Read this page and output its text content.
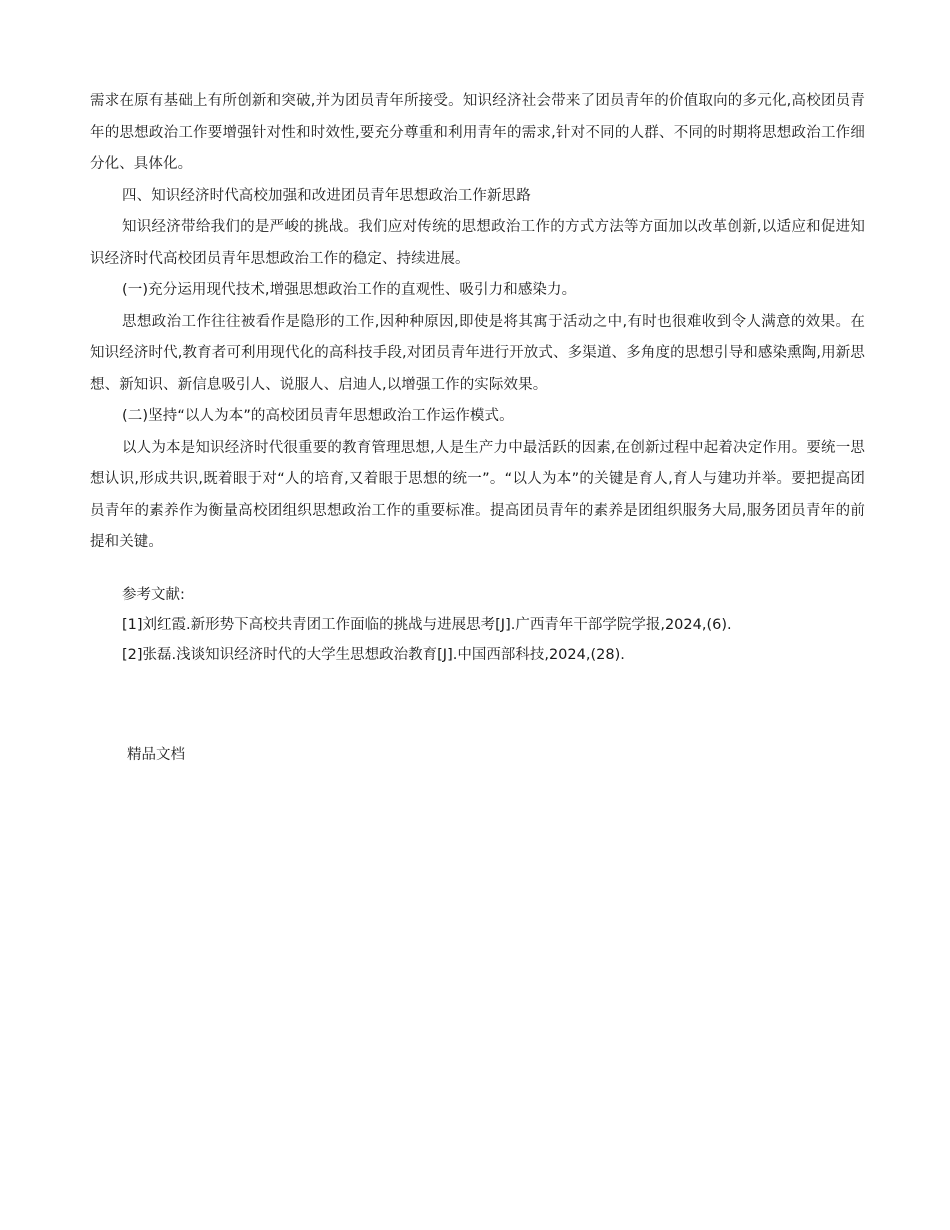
需求在原有基础上有所创新和突破,并为团员青年所接受。知识经济社会带来了团员青年的价值取向的多元化,高校团员青年的思想政治工作要增强针对性和时效性,要充分尊重和利用青年的需求,针对不同的人群、不同的时期将思想政治工作细分化、具体化。

四、知识经济时代高校加强和改进团员青年思想政治工作新思路

知识经济带给我们的是严峻的挑战。我们应对传统的思想政治工作的方式方法等方面加以改革创新,以适应和促进知识经济时代高校团员青年思想政治工作的稳定、持续进展。

(一)充分运用现代技术,增强思想政治工作的直观性、吸引力和感染力。

思想政治工作往往被看作是隐形的工作,因种种原因,即使是将其寓于活动之中,有时也很难收到令人满意的效果。在知识经济时代,教育者可利用现代化的高科技手段,对团员青年进行开放式、多渠道、多角度的思想引导和感染熏陶,用新思想、新知识、新信息吸引人、说服人、启迪人,以增强工作的实际效果。

(二)坚持“以人为本”的高校团员青年思想政治工作运作模式。

以人为本是知识经济时代很重要的教育管理思想,人是生产力中最活跃的因素,在创新过程中起着决定作用。要统一思想认识,形成共识,既着眼于对“人的培育,又着眼于思想的统一”。“以人为本”的关键是育人,育人与建功并举。要把提高团员青年的素养作为衡量高校团组织思想政治工作的重要标准。提高团员青年的素养是团组织服务大局,服务团员青年的前提和关键。

参考文献:

[1]刘红霞.新形势下高校共青团工作面临的挑战与进展思考[J].广西青年干部学院学报,2024,(6).

[2]张磊.浅谈知识经济时代的大学生思想政治教育[J].中国西部科技,2024,(28).

精品文档
